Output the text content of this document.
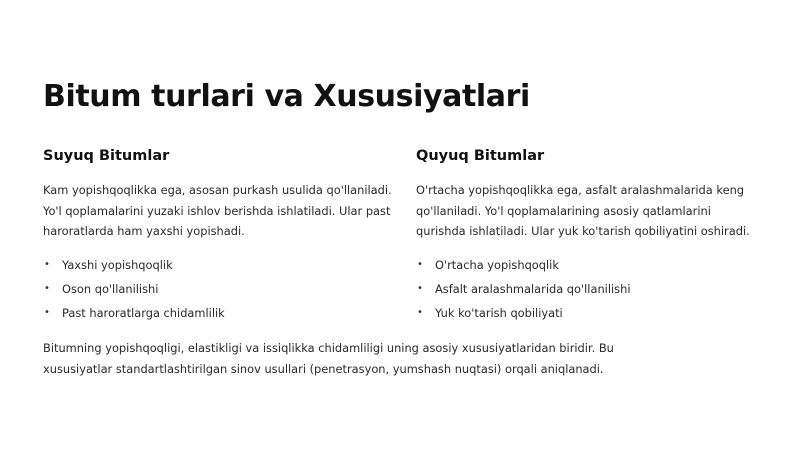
Bitum turlari va Xususiyatlari
Suyuq Bitumlar

Kam yopishqoqlikka ega, asosan purkash usulida qo'llaniladi. Yo'l qoplamalarini yuzaki ishlov berishda ishlatiladi. Ular past haroratlarda ham yaxshi yopishadi.

• Yaxshi yopishqoqlik
• Oson qo'llanilishi
• Past haroratlarga chidamlilik
Quyuq Bitumlar

O'rtacha yopishqoqlikka ega, asfalt aralashmalarida keng qo'llaniladi. Yo'l qoplamalarining asosiy qatlamlarini qurishda ishlatiladi. Ular yuk ko'tarish qobiliyatini oshiradi.

• O'rtacha yopishqoqlik
• Asfalt aralashmalarida qo'llanilishi
• Yuk ko'tarish qobiliyati

Bitumning yopishqoqligi, elastikligi va issiqlikka chidamliligi uning asosiy xususiyatlaridan biridir. Bu xususiyatlar standartlashtirilgan sinov usullari (penetrasyon, yumshash nuqtasi) orqali aniqlanadi.
